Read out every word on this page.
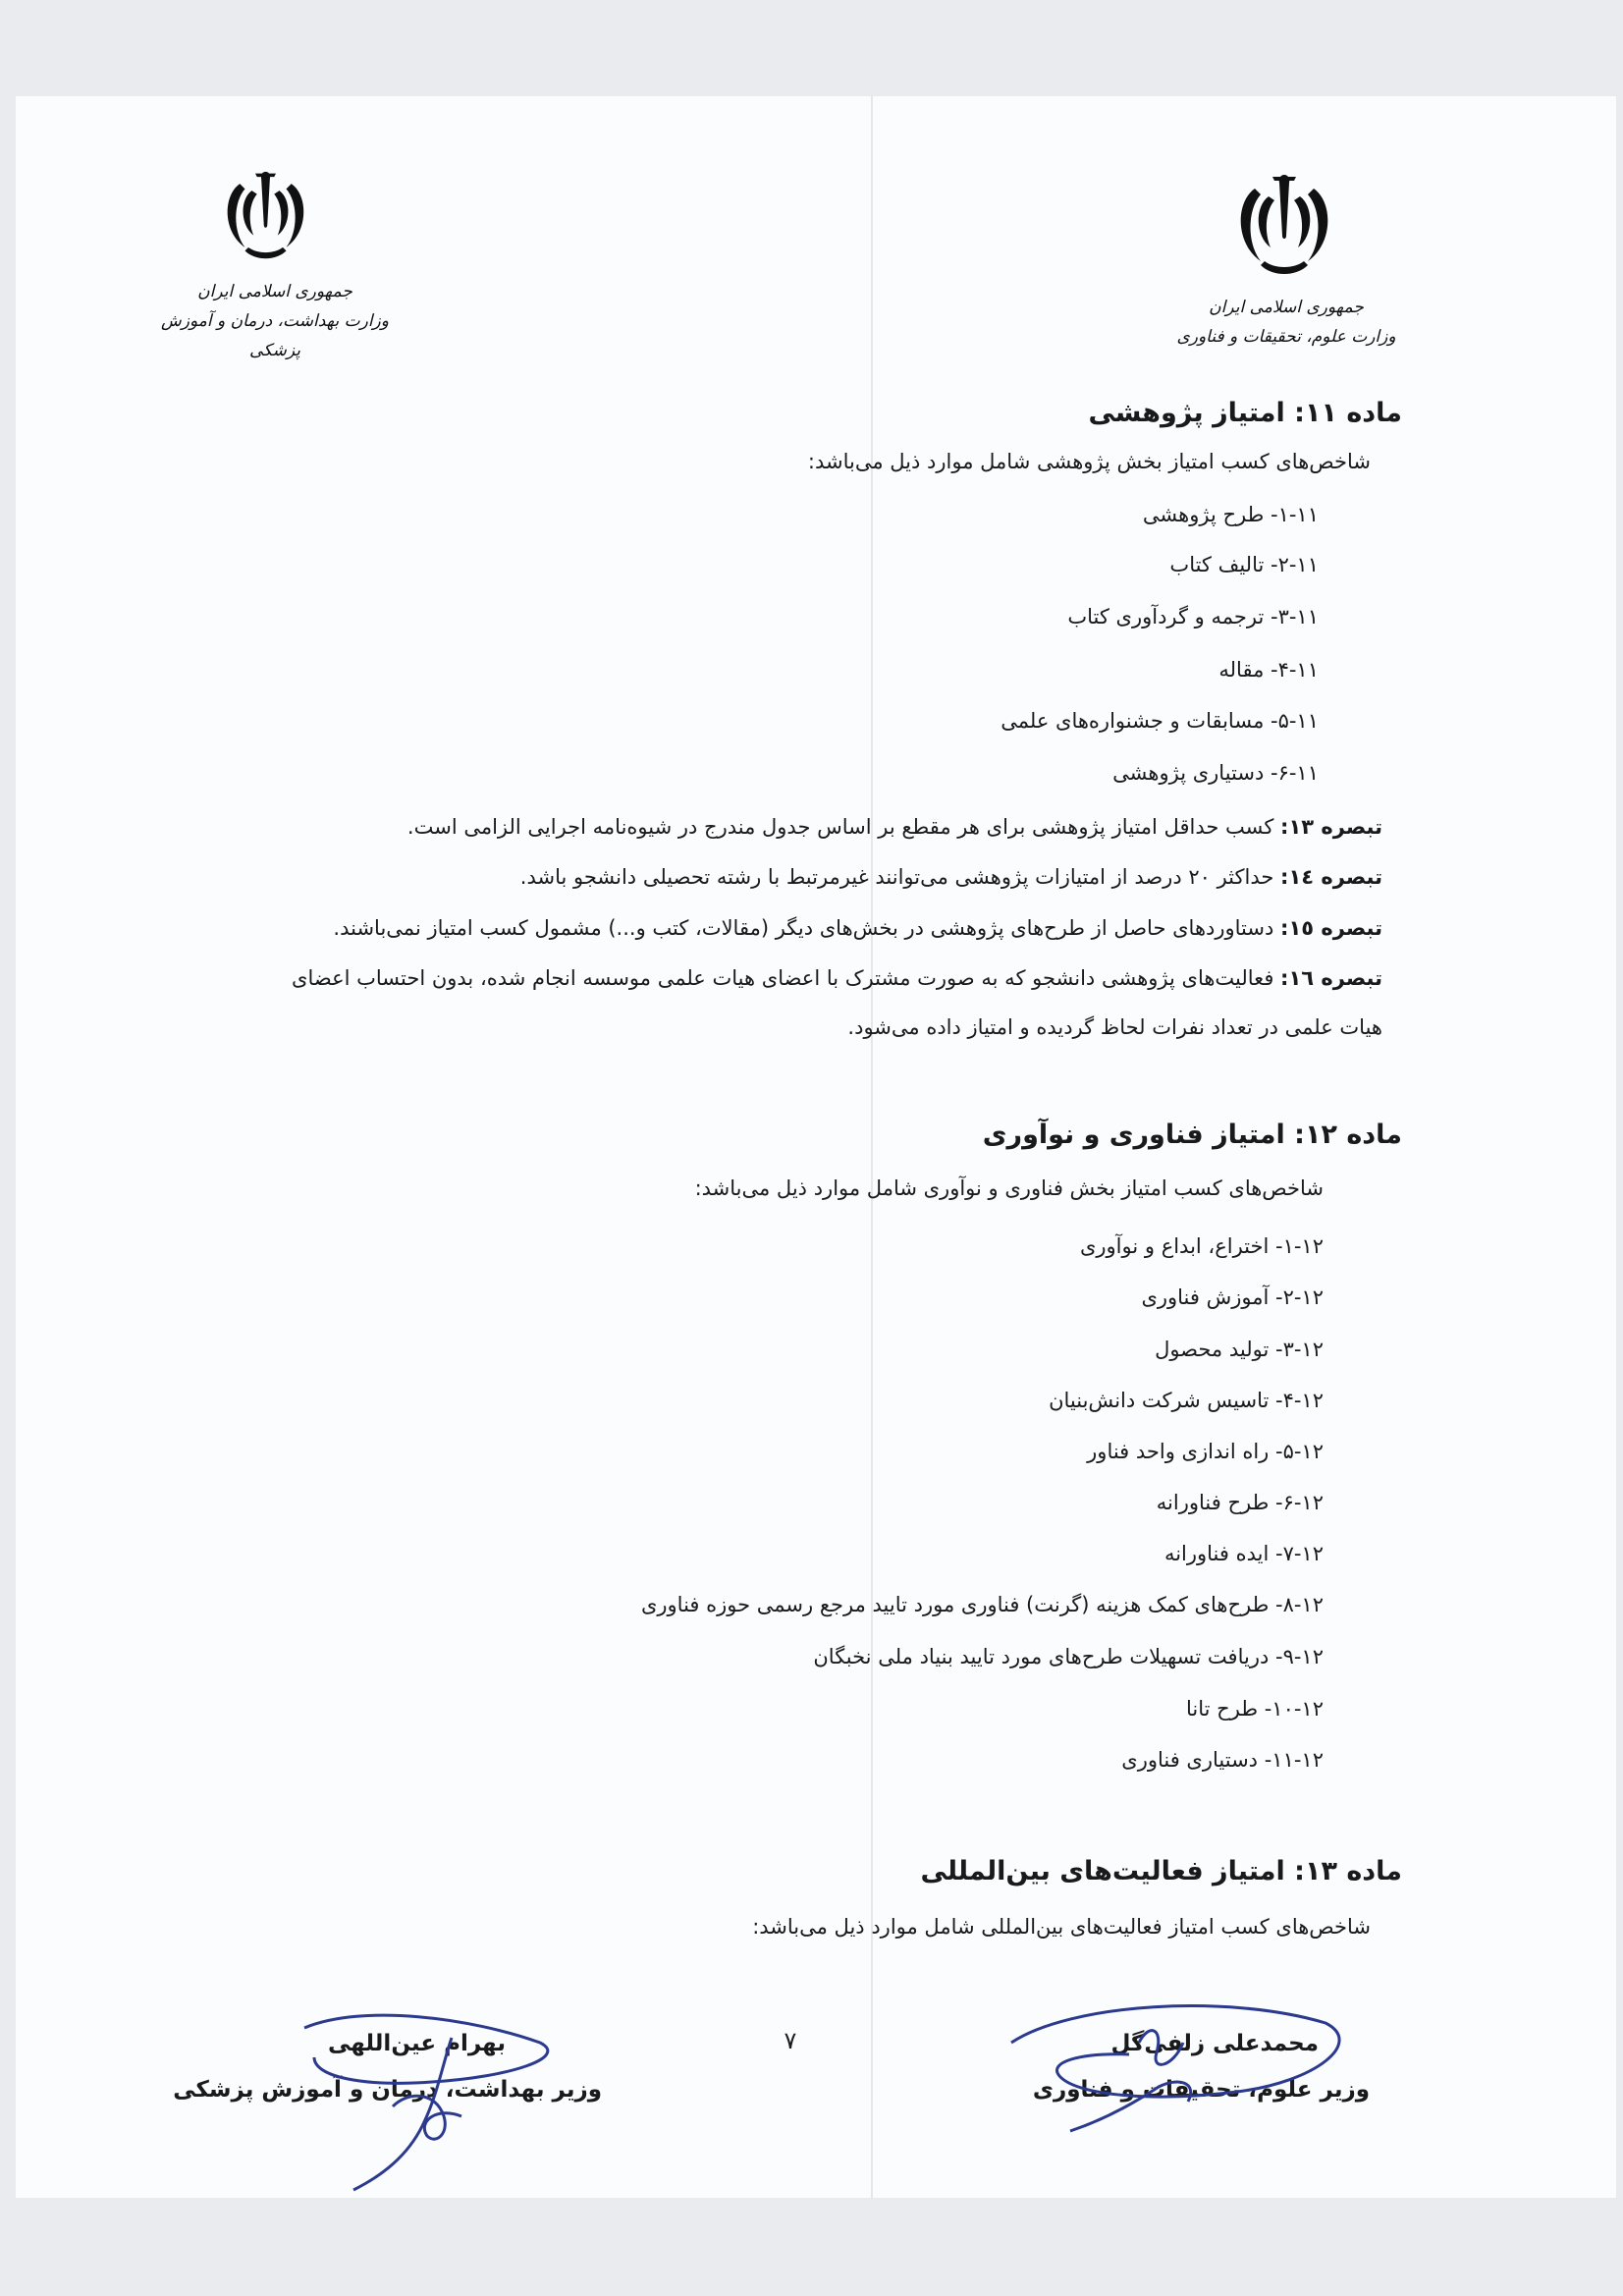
جمهوری اسلامی ایران
وزارت علوم، تحقیقات و فناوری
جمهوری اسلامی ایران
وزارت بهداشت، درمان و آموزش پزشکی
ماده ۱۱: امتیاز پژوهشی
شاخص‌های کسب امتیاز بخش پژوهشی شامل موارد ذیل می‌باشد:
۱-۱۱- طرح پژوهشی
۲-۱۱- تالیف کتاب
۳-۱۱- ترجمه و گردآوری کتاب
۴-۱۱- مقاله
۵-۱۱- مسابقات و جشنواره‌های علمی
۶-۱۱- دستیاری پژوهشی
تبصره ۱۳: کسب حداقل امتیاز پژوهشی برای هر مقطع بر اساس جدول مندرج در شیوه‌نامه اجرایی الزامی است.
تبصره ١٤: حداکثر ۲۰ درصد از امتیازات پژوهشی می‌توانند غیرمرتبط با رشته تحصیلی دانشجو باشد.
تبصره ١٥: دستاوردهای حاصل از طرح‌های پژوهشی در بخش‌های دیگر (مقالات، کتب و...) مشمول کسب امتیاز نمی‌باشند.
تبصره ١٦: فعالیت‌های پژوهشی دانشجو که به صورت مشترک با اعضای هیات علمی موسسه انجام شده، بدون احتساب اعضای
هیات علمی در تعداد نفرات لحاظ گردیده و امتیاز داده می‌شود.
ماده ۱۲: امتیاز فناوری و نوآوری
شاخص‌های کسب امتیاز بخش فناوری و نوآوری شامل موارد ذیل می‌باشد:
۱-۱۲- اختراع، ابداع و نوآوری
۲-۱۲- آموزش فناوری
۳-۱۲- تولید محصول
۴-۱۲- تاسیس شرکت دانش‌بنیان
۵-۱۲- راه اندازی واحد فناور
۶-۱۲- طرح فناورانه
۷-۱۲- ایده فناورانه
۸-۱۲- طرح‌های کمک هزینه (گرنت) فناوری مورد تایید مرجع رسمی حوزه فناوری
۹-۱۲- دریافت تسهیلات طرح‌های مورد تایید بنیاد ملی نخبگان
۱۰-۱۲- طرح تانا
۱۱-۱۲- دستیاری فناوری
ماده ۱۳: امتیاز فعالیت‌های بین‌المللی
شاخص‌های کسب امتیاز فعالیت‌های بین‌المللی شامل موارد ذیل می‌باشد:
۷	محمدعلی زلفی‌گل
وزیر علوم، تحقیقات و فناوری
بهرام عین‌اللهی
وزیر بهداشت، درمان و آموزش پزشکی
